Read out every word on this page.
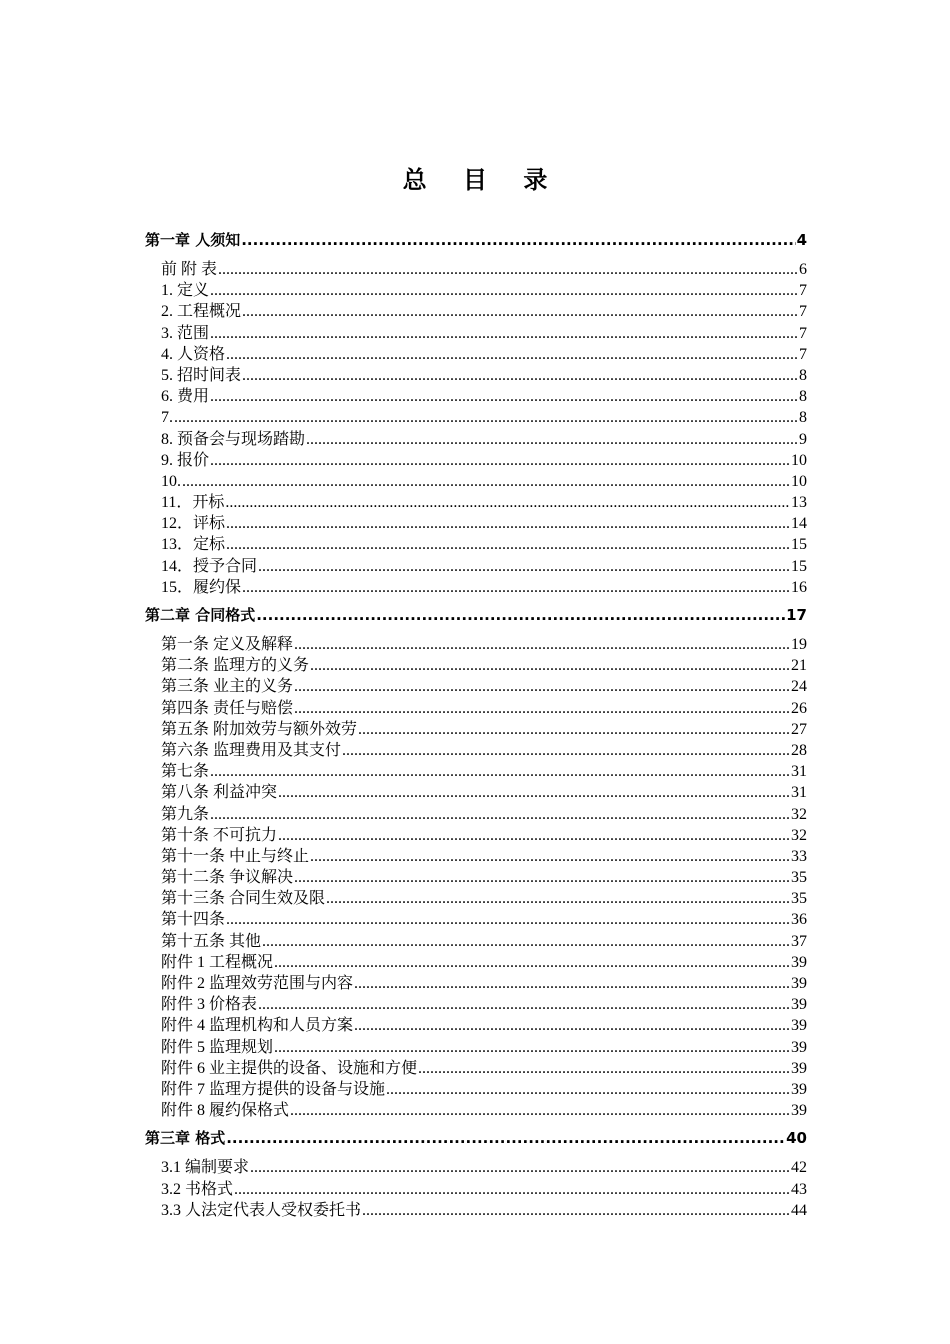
总 目 录
第一章 人须知 .....	4
前 附 表 .....	6
1. 定义 .....	7
2. 工程概况 .....	7
3. 范围 .....	7
4. 人资格 .....	7
5. 招时间表 .....	8
6. 费用 .....	8
7. .....	8
8. 预备会与现场踏勘 .....	9
9. 报价 .....	10
10. .....	10
11．开标 .....	13
12．评标 .....	14
13．定标 .....	15
14．授予合同 .....	15
15．履约保 .....	16
第二章 合同格式 .....	17
第一条 定义及解释 .....	19
第二条 监理方的义务 .....	21
第三条 业主的义务 .....	24
第四条 责任与赔偿 .....	26
第五条 附加效劳与额外效劳 .....	27
第六条 监理费用及其支付 .....	28
第七条 .....	31
第八条 利益冲突 .....	31
第九条 .....	32
第十条 不可抗力 .....	32
第十一条 中止与终止 .....	33
第十二条 争议解决 .....	35
第十三条 合同生效及限 .....	35
第十四条 .....	36
第十五条 其他 .....	37
附件 1 工程概况 .....	39
附件 2 监理效劳范围与内容 .....	39
附件 3 价格表 .....	39
附件 4 监理机构和人员方案 .....	39
附件 5 监理规划 .....	39
附件 6 业主提供的设备、设施和方便 .....	39
附件 7 监理方提供的设备与设施 .....	39
附件 8 履约保格式 .....	39
第三章 格式 .....	40
3.1 编制要求 .....	42
3.2 书格式 .....	43
3.3 人法定代表人受权委托书 .....	44
